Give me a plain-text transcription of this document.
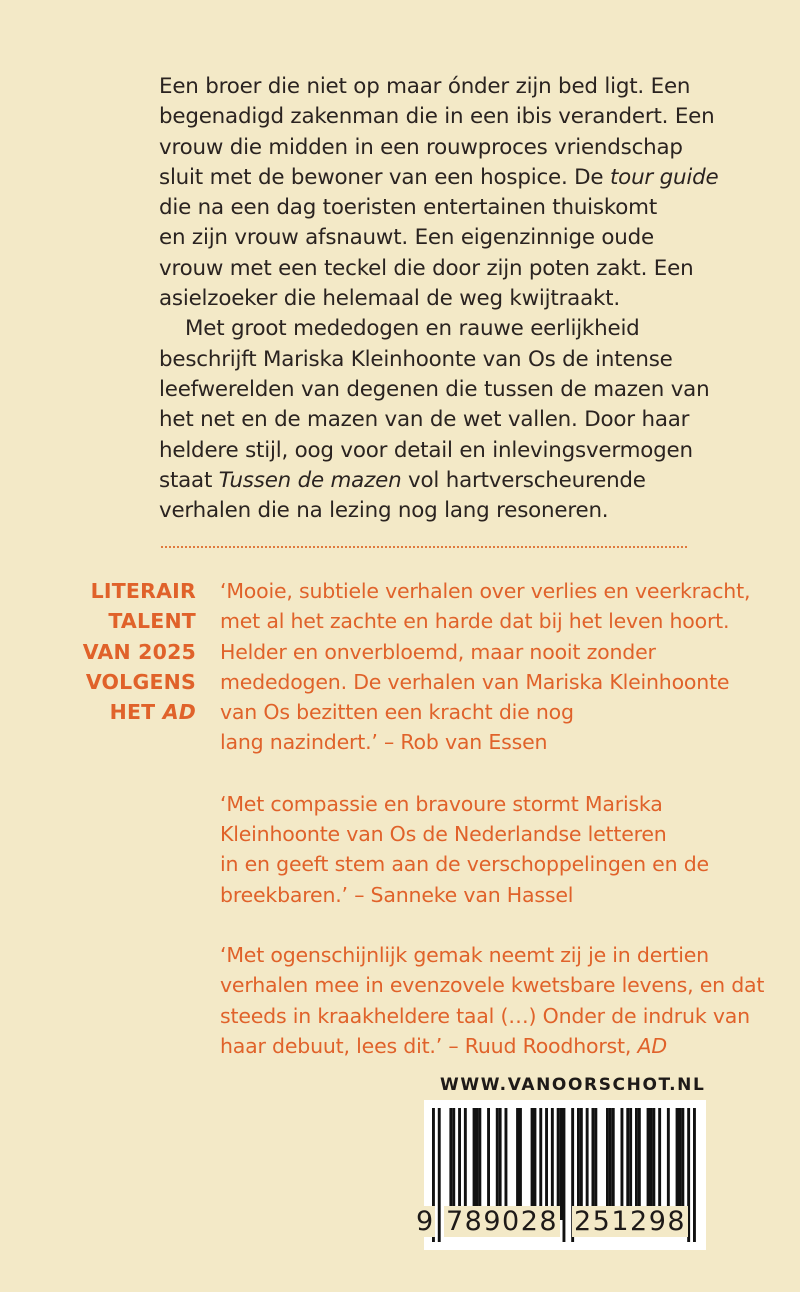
Een broer die niet op maar ónder zijn bed ligt. Een
begenadigd zakenman die in een ibis verandert. Een
vrouw die midden in een rouwproces vriendschap
sluit met de bewoner van een hospice. De tour guide
die na een dag toeristen entertainen thuiskomt
en zijn vrouw afsnauwt. Een eigenzinnige oude
vrouw met een teckel die door zijn poten zakt. Een
asielzoeker die helemaal de weg kwijtraakt.
Met groot mededogen en rauwe eerlijkheid
beschrijft Mariska Kleinhoonte van Os de intense
leefwerelden van degenen die tussen de mazen van
het net en de mazen van de wet vallen. Door haar
heldere stijl, oog voor detail en inlevingsvermogen
staat Tussen de mazen vol hartverscheurende
verhalen die na lezing nog lang resoneren.
LITERAIR
TALENT
VAN 2025
VOLGENS
HET AD
‘Mooie, subtiele verhalen over verlies en veerkracht,
met al het zachte en harde dat bij het leven hoort.
Helder en onverbloemd, maar nooit zonder
mededogen. De verhalen van Mariska Kleinhoonte
van Os bezitten een kracht die nog
lang nazindert.’ – Rob van Essen
‘Met compassie en bravoure stormt Mariska
Kleinhoonte van Os de Nederlandse letteren
in en geeft stem aan de verschoppelingen en de
breekbaren.’ – Sanneke van Hassel
‘Met ogenschijnlijk gemak neemt zij je in dertien
verhalen mee in evenzovele kwetsbare levens, en dat
steeds in kraakheldere taal (…) Onder de indruk van
haar debuut, lees dit.’ – Ruud Roodhorst, AD
WWW.VANOORSCHOT.NL
9 789028 251298
